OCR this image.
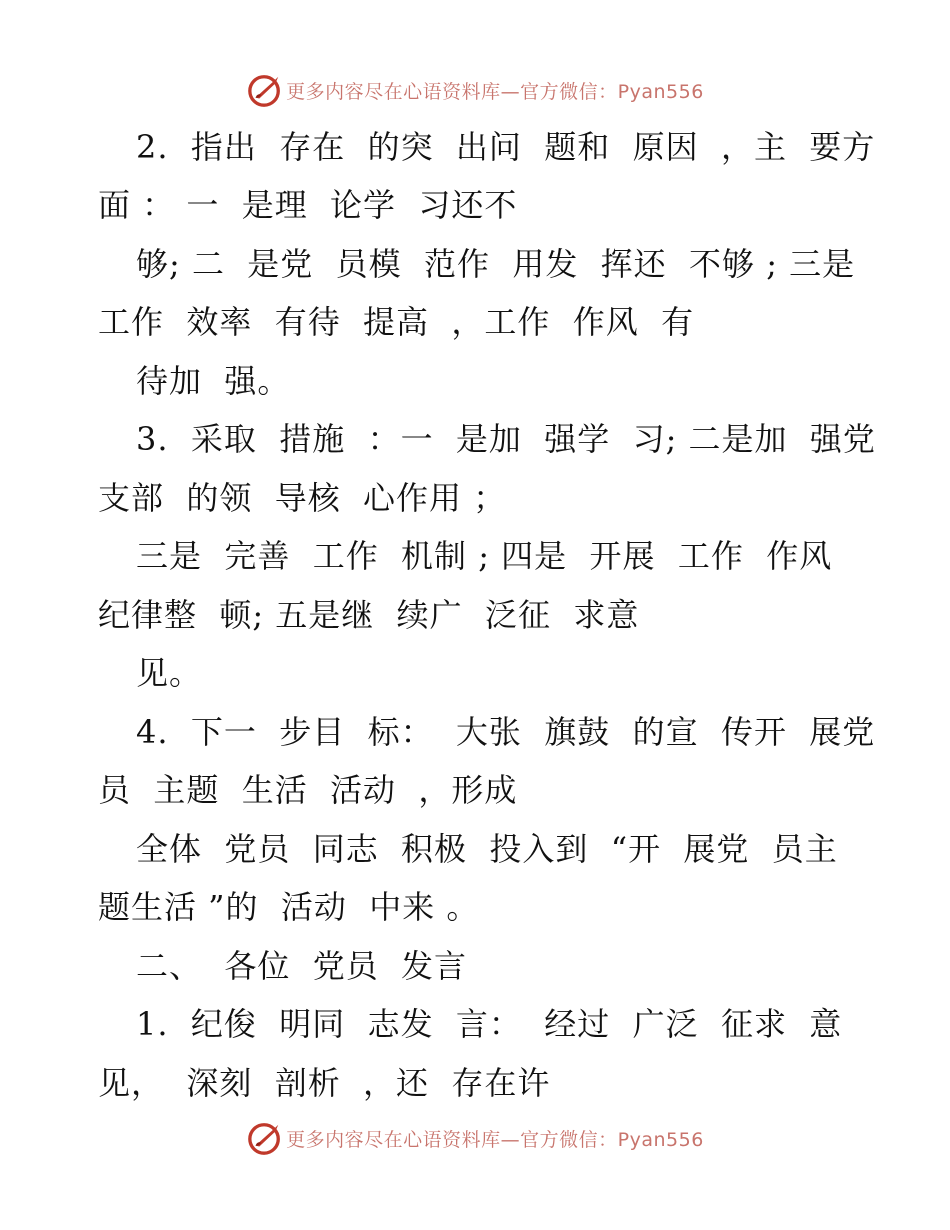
更多内容尽在心语资料库—官方微信：Pyan556
2.  指出  存在  的突  出问  题和  原因  ，主  要方
面 ： 一  是理  论学  习还不
够; 二  是党  员模  范作  用发  挥还  不够 ; 三是
工作  效率  有待  提高  ，工作  作风  有
待加  强。
3.  采取  措施  ：一  是加  强学  习; 二是加  强党
支部  的领  导核  心作用 ；
三是  完善  工作  机制 ; 四是  开展  工作  作风
纪律整  顿; 五是继  续广  泛征  求意
见。
4.  下一  步目  标：  大张  旗鼓  的宣  传开  展党
员  主题  生活  活动  ，形成
全体  党员  同志  积极  投入到  “开  展党  员主
题生活 ”的  活动  中来 。
二、  各位  党员  发言
1.  纪俊  明同  志发  言：  经过  广泛  征求  意
见，  深刻  剖析  ，还  存在许
更多内容尽在心语资料库—官方微信：Pyan556
